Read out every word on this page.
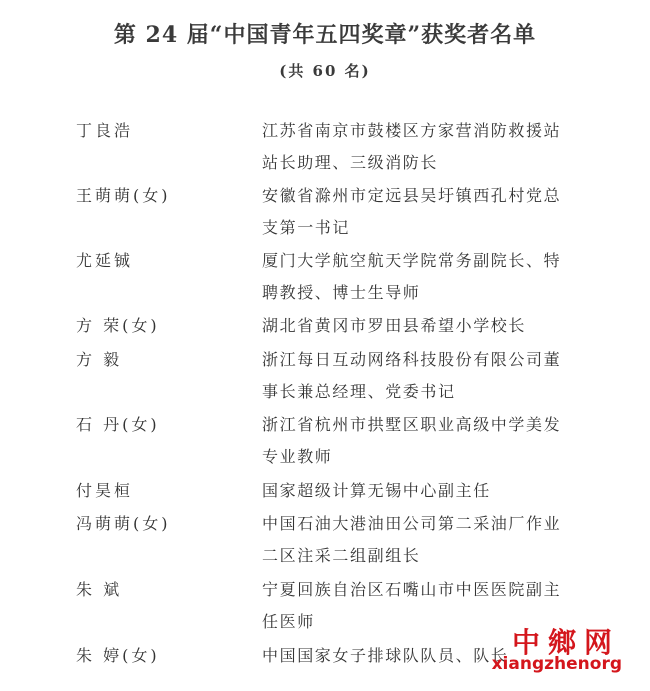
第 24 届“中国青年五四奖章”获奖者名单
(共 60 名)
丁良浩	江苏省南京市鼓楼区方家营消防救援站
站长助理、三级消防长
王萌萌(女)	安徽省滁州市定远县吴圩镇西孔村党总
支第一书记
尤延铖	厦门大学航空航天学院常务副院长、特
聘教授、博士生导师
方 荣(女)	湖北省黄冈市罗田县希望小学校长
方 毅	浙江每日互动网络科技股份有限公司董
事长兼总经理、党委书记
石 丹(女)	浙江省杭州市拱墅区职业高级中学美发
专业教师
付昊桓	国家超级计算无锡中心副主任
冯萌萌(女)	中国石油大港油田公司第二采油厂作业
二区注采二组副组长
朱 斌	宁夏回族自治区石嘴山市中医医院副主
任医师
朱 婷(女)	中国国家女子排球队队员、队长 中鄉网
xiangzhenorg
